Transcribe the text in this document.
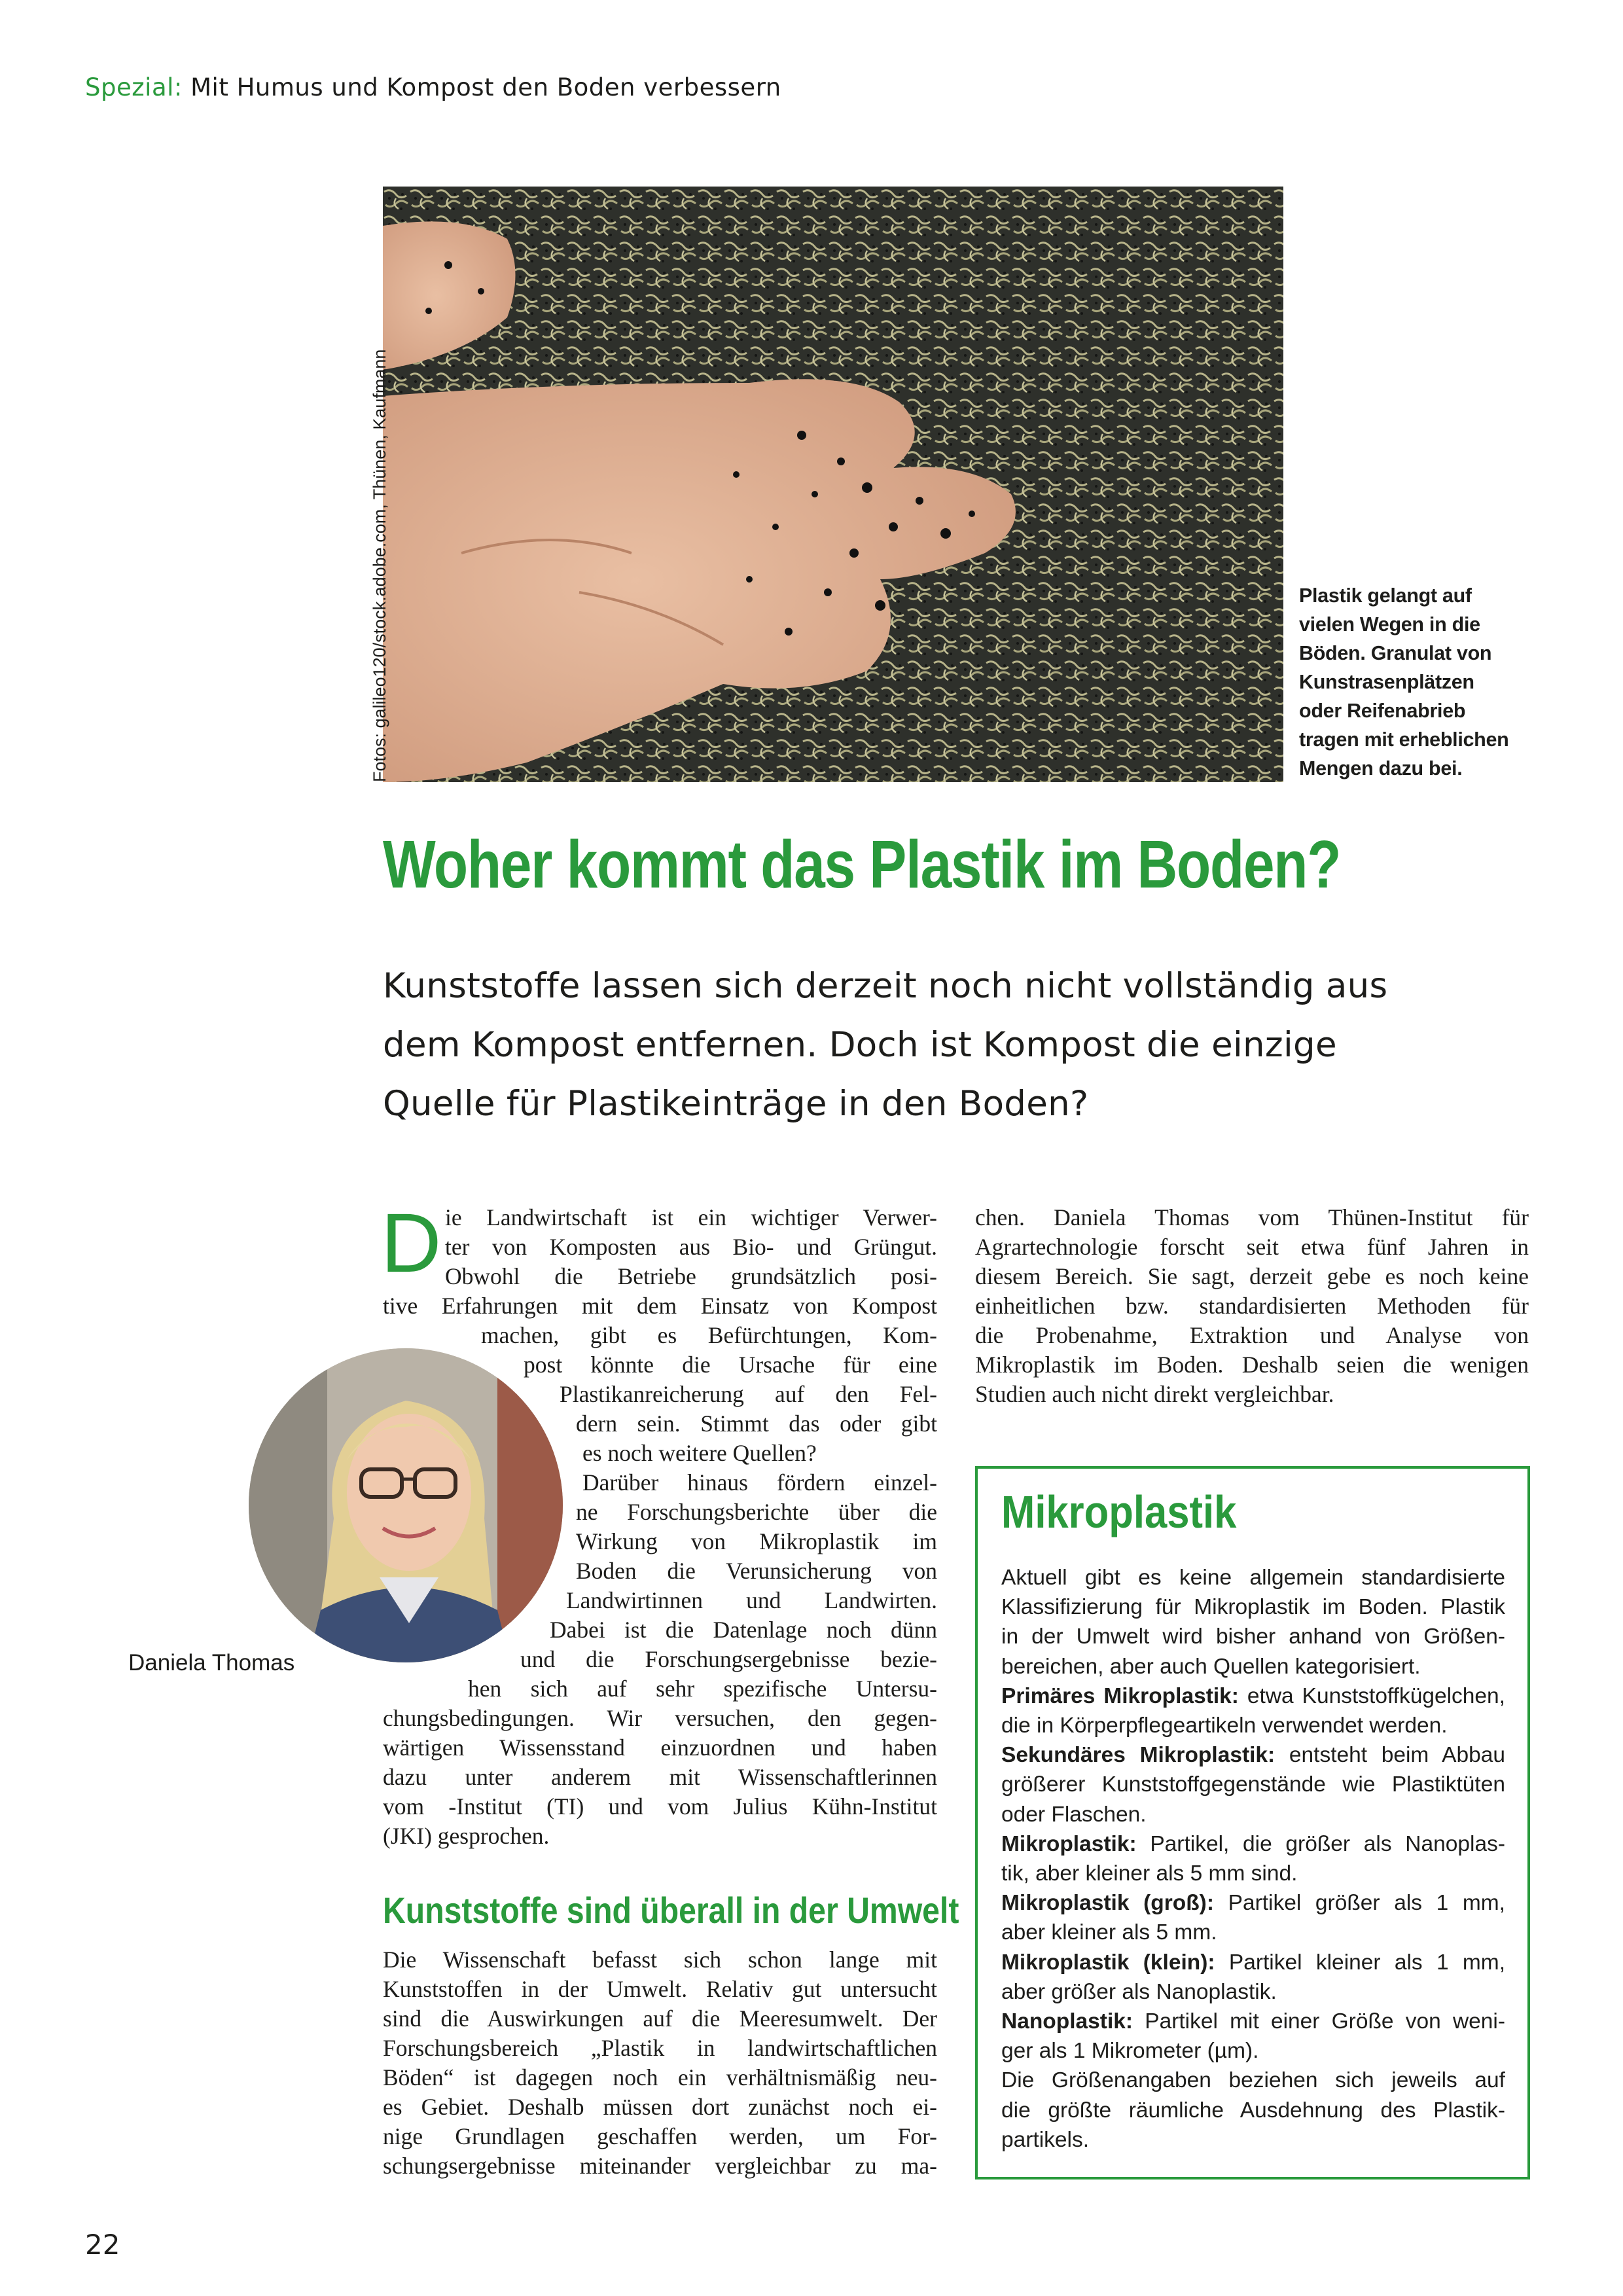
Spezial: Mit Humus und Kompost den Boden verbessern
Fotos: galileo120/stock.adobe.com, Thünen, Kaufmann	Plastik gelangt auf
vielen Wegen in die
Böden. Granulat von
Kunstrasenplätzen
oder Reifenabrieb
tragen mit erheblichen
Mengen dazu bei.
Woher kommt das Plastik im Boden?
Kunststoffe lassen sich derzeit noch nicht vollständig aus
dem Kompost entfernen. Doch ist Kompost die einzige
Quelle für Plastikeinträge in den Boden?
D ie Landwirtschaft ist ein wichtiger Verwer-
ter von Komposten aus Bio- und Grüngut.
Obwohl die Betriebe grundsätzlich posi-
tive Erfahrungen mit dem Einsatz von Kompost
machen, gibt es Befürchtungen, Kom-
post könnte die Ursache für eine
Plastikanreicherung auf den Fel-
dern sein. Stimmt das oder gibt
es noch weitere Quellen?
Darüber hinaus fördern einzel-
ne Forschungsberichte über die
Wirkung von Mikroplastik im
Boden die Verunsicherung von
Landwirtinnen und Landwirten.
Dabei ist die Datenlage noch dünn
und die Forschungsergebnisse bezie-
hen sich auf sehr spezifische Untersu-
chungsbedingungen. Wir versuchen, den gegen-
wärtigen Wissensstand einzuordnen und haben
dazu unter anderem mit Wissenschaftlerinnen
vom -Institut (TI) und vom Julius Kühn-Institut
(JKI) gesprochen.
Daniela Thomas
Kunststoffe sind überall in der Umwelt
Die Wissenschaft befasst sich schon lange mit
Kunststoffen in der Umwelt. Relativ gut untersucht
sind die Auswirkungen auf die Meeresumwelt. Der
Forschungsbereich „Plastik in landwirtschaftlichen
Böden“ ist dagegen noch ein verhältnismäßig neu-
es Gebiet. Deshalb müssen dort zunächst noch ei-
nige Grundlagen geschaffen werden, um For-
schungsergebnisse miteinander vergleichbar zu ma-
chen. Daniela Thomas vom Thünen-Institut für
Agrartechnologie forscht seit etwa fünf Jahren in
diesem Bereich. Sie sagt, derzeit gebe es noch keine
einheitlichen bzw. standardisierten Methoden für
die Probenahme, Extraktion und Analyse von
Mikroplastik im Boden. Deshalb seien die wenigen
Studien auch nicht direkt vergleichbar.
Mikroplastik
Aktuell gibt es keine allgemein standardisierte
Klassifizierung für Mikroplastik im Boden. Plastik
in der Umwelt wird bisher anhand von Größen-
bereichen, aber auch Quellen kategorisiert.
Primäres Mikroplastik: etwa Kunststoffkügelchen,
die in Körperpflegeartikeln verwendet werden.
Sekundäres Mikroplastik: entsteht beim Abbau
größerer Kunststoffgegenstände wie Plastiktüten
oder Flaschen.
Mikroplastik: Partikel, die größer als Nanoplas-
tik, aber kleiner als 5 mm sind.
Mikroplastik (groß): Partikel größer als 1 mm,
aber kleiner als 5 mm.
Mikroplastik (klein): Partikel kleiner als 1 mm,
aber größer als Nanoplastik.
Nanoplastik: Partikel mit einer Größe von weni-
ger als 1 Mikrometer (µm).
Die Größenangaben beziehen sich jeweils auf
die größte räumliche Ausdehnung des Plastik-
partikels.
22
